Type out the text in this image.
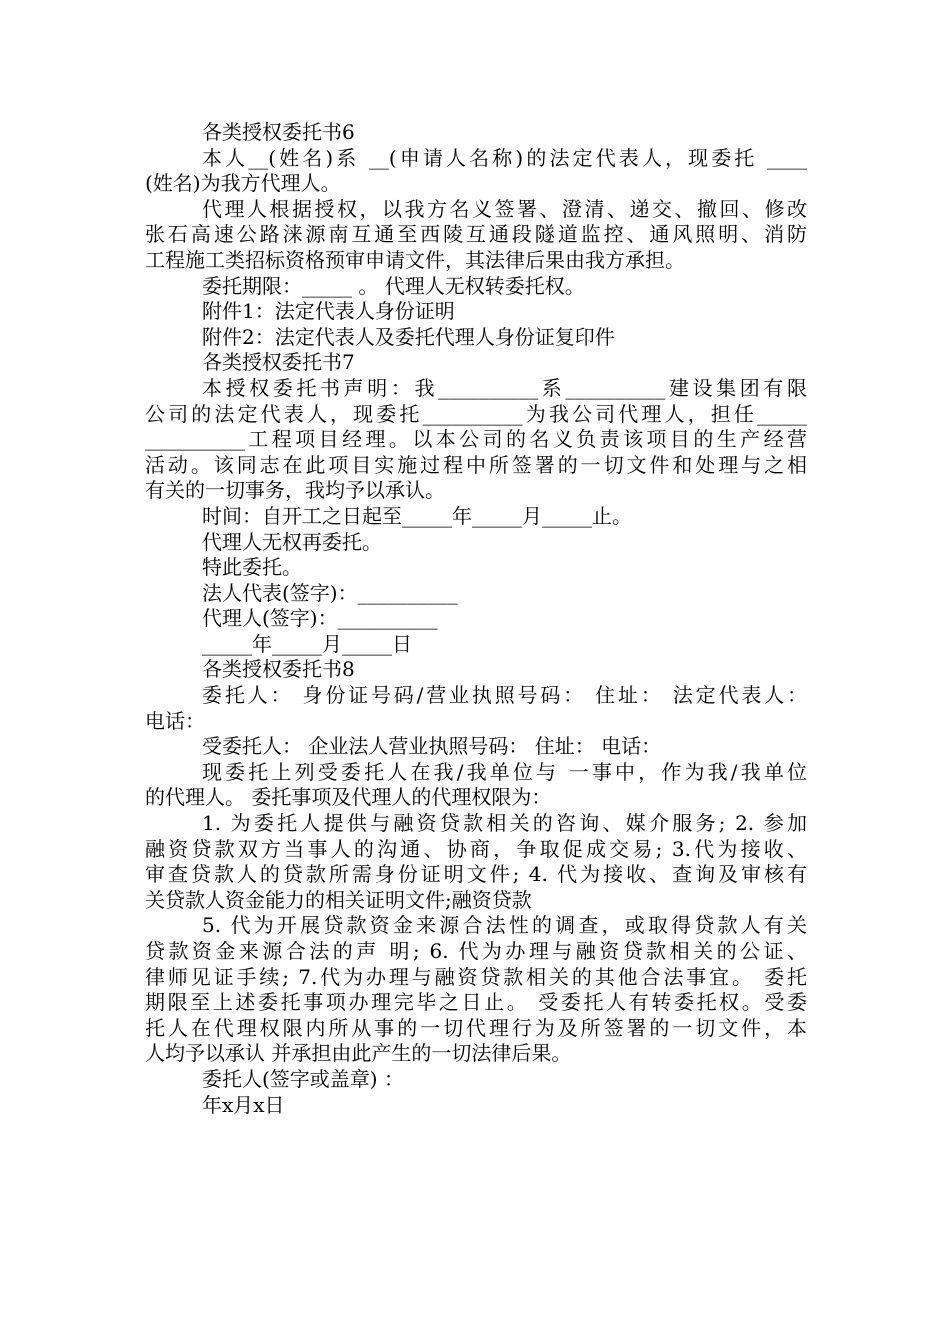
各类授权委托书6
本人__(姓名)系 __(申请人名称)的法定代表人，现委托 ____
(姓名)为我方代理人。
代理人根据授权，以我方名义签署、澄清、递交、撤回、修改
张石高速公路涞源南互通至西陵互通段隧道监控、通风照明、消防
工程施工类招标资格预审申请文件，其法律后果由我方承担。
委托期限：_____ 。 代理人无权转委托权。
附件1：法定代表人身份证明
附件2：法定代表人及委托代理人身份证复印件
各类授权委托书7
本授权委托书声明：我__________系__________建设集团有限
公司的法定代表人，现委托__________为我公司代理人，担任_____
__________工程项目经理。以本公司的名义负责该项目的生产经营
活动。该同志在此项目实施过程中所签署的一切文件和处理与之相
有关的一切事务，我均予以承认。
时间：自开工之日起至_____年_____月_____止。
代理人无权再委托。
特此委托。
法人代表(签字)：__________
代理人(签字)：__________
_____年_____月_____日
各类授权委托书8
委托人： 身份证号码/营业执照号码： 住址： 法定代表人：
电话：
受委托人： 企业法人营业执照号码： 住址： 电话：
现委托上列受委托人在我/我单位与 一事中，作为我/我单位
的代理人。 委托事项及代理人的代理权限为：
1. 为委托人提供与融资贷款相关的咨询、媒介服务; 2. 参加
融资贷款双方当事人的沟通、协商，争取促成交易; 3.代为接收、
审查贷款人的贷款所需身份证明文件; 4. 代为接收、查询及审核有
关贷款人资金能力的相关证明文件;融资贷款
5. 代为开展贷款资金来源合法性的调查，或取得贷款人有关
贷款资金来源合法的声 明; 6. 代为办理与融资贷款相关的公证、
律师见证手续; 7.代为办理与融资贷款相关的其他合法事宜。 委托
期限至上述委托事项办理完毕之日止。 受委托人有转委托权。受委
托人在代理权限内所从事的一切代理行为及所签署的一切文件，本
人均予以承认 并承担由此产生的一切法律后果。
委托人(签字或盖章) ：
年x月x日
